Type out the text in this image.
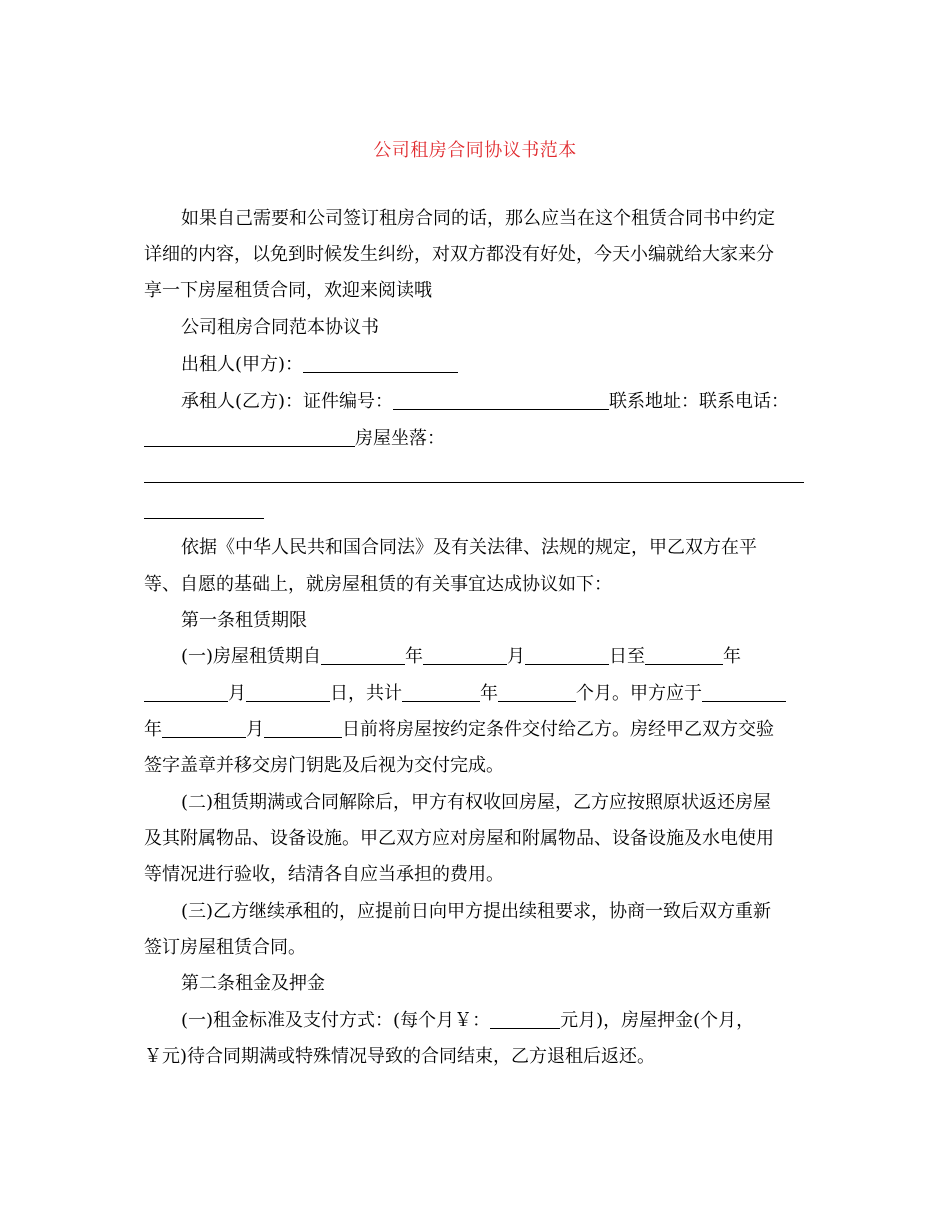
公司租房合同协议书范本
如果自己需要和公司签订租房合同的话，那么应当在这个租赁合同书中约定
详细的内容，以免到时候发生纠纷，对双方都没有好处，今天小编就给大家来分
享一下房屋租赁合同，欢迎来阅读哦
公司租房合同范本协议书
出租人(甲方)：
承租人(乙方)：证件编号：	联系地址：联系电话：
房屋坐落：
依据《中华人民共和国合同法》及有关法律、法规的规定，甲乙双方在平
等、自愿的基础上，就房屋租赁的有关事宜达成协议如下：
第一条租赁期限
(一)房屋租赁期自	年	月	日至	年
月	日，共计	年	个月。甲方应于
年	月	日前将房屋按约定条件交付给乙方。房经甲乙双方交验
签字盖章并移交房门钥匙及后视为交付完成。
(二)租赁期满或合同解除后，甲方有权收回房屋，乙方应按照原状返还房屋
及其附属物品、设备设施。甲乙双方应对房屋和附属物品、设备设施及水电使用
等情况进行验收，结清各自应当承担的费用。
(三)乙方继续承租的，应提前日向甲方提出续租要求，协商一致后双方重新
签订房屋租赁合同。
第二条租金及押金
(一)租金标准及支付方式：(每个月￥：	元月)，房屋押金(个月，
￥元)待合同期满或特殊情况导致的合同结束，乙方退租后返还。
